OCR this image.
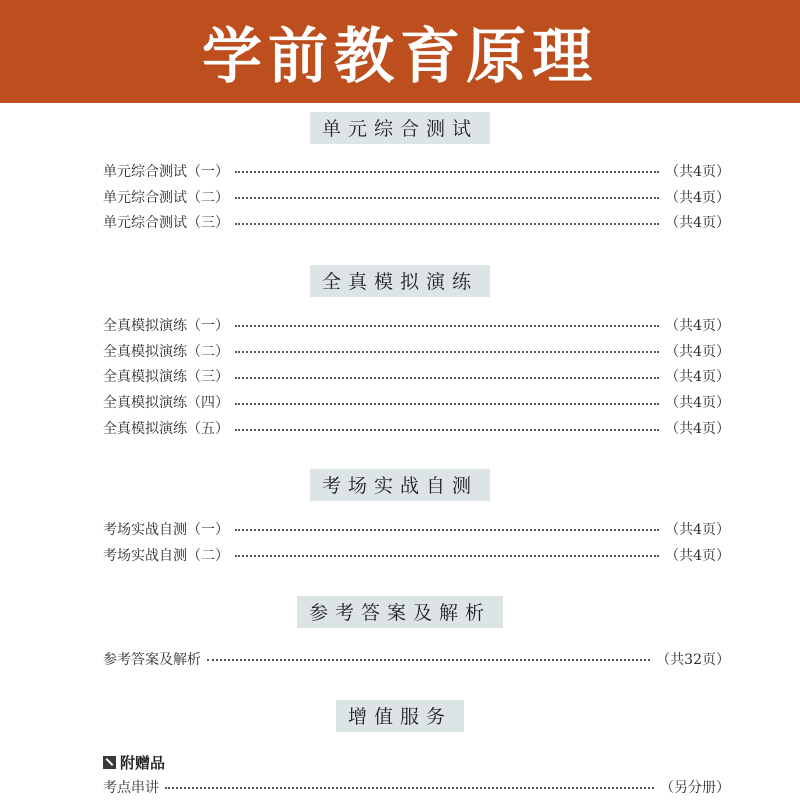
学前教育原理
单元综合测试
单元综合测试（一）	（共4页）
单元综合测试（二）	（共4页）
单元综合测试（三）	（共4页）
全真模拟演练
全真模拟演练（一）	（共4页）
全真模拟演练（二）	（共4页）
全真模拟演练（三）	（共4页）
全真模拟演练（四）	（共4页）
全真模拟演练（五）	（共4页）
考场实战自测
考场实战自测（一）	（共4页）
考场实战自测（二）	（共4页）
参考答案及解析
参考答案及解析	（共32页）
增值服务
附赠品
考点串讲	（另分册）
